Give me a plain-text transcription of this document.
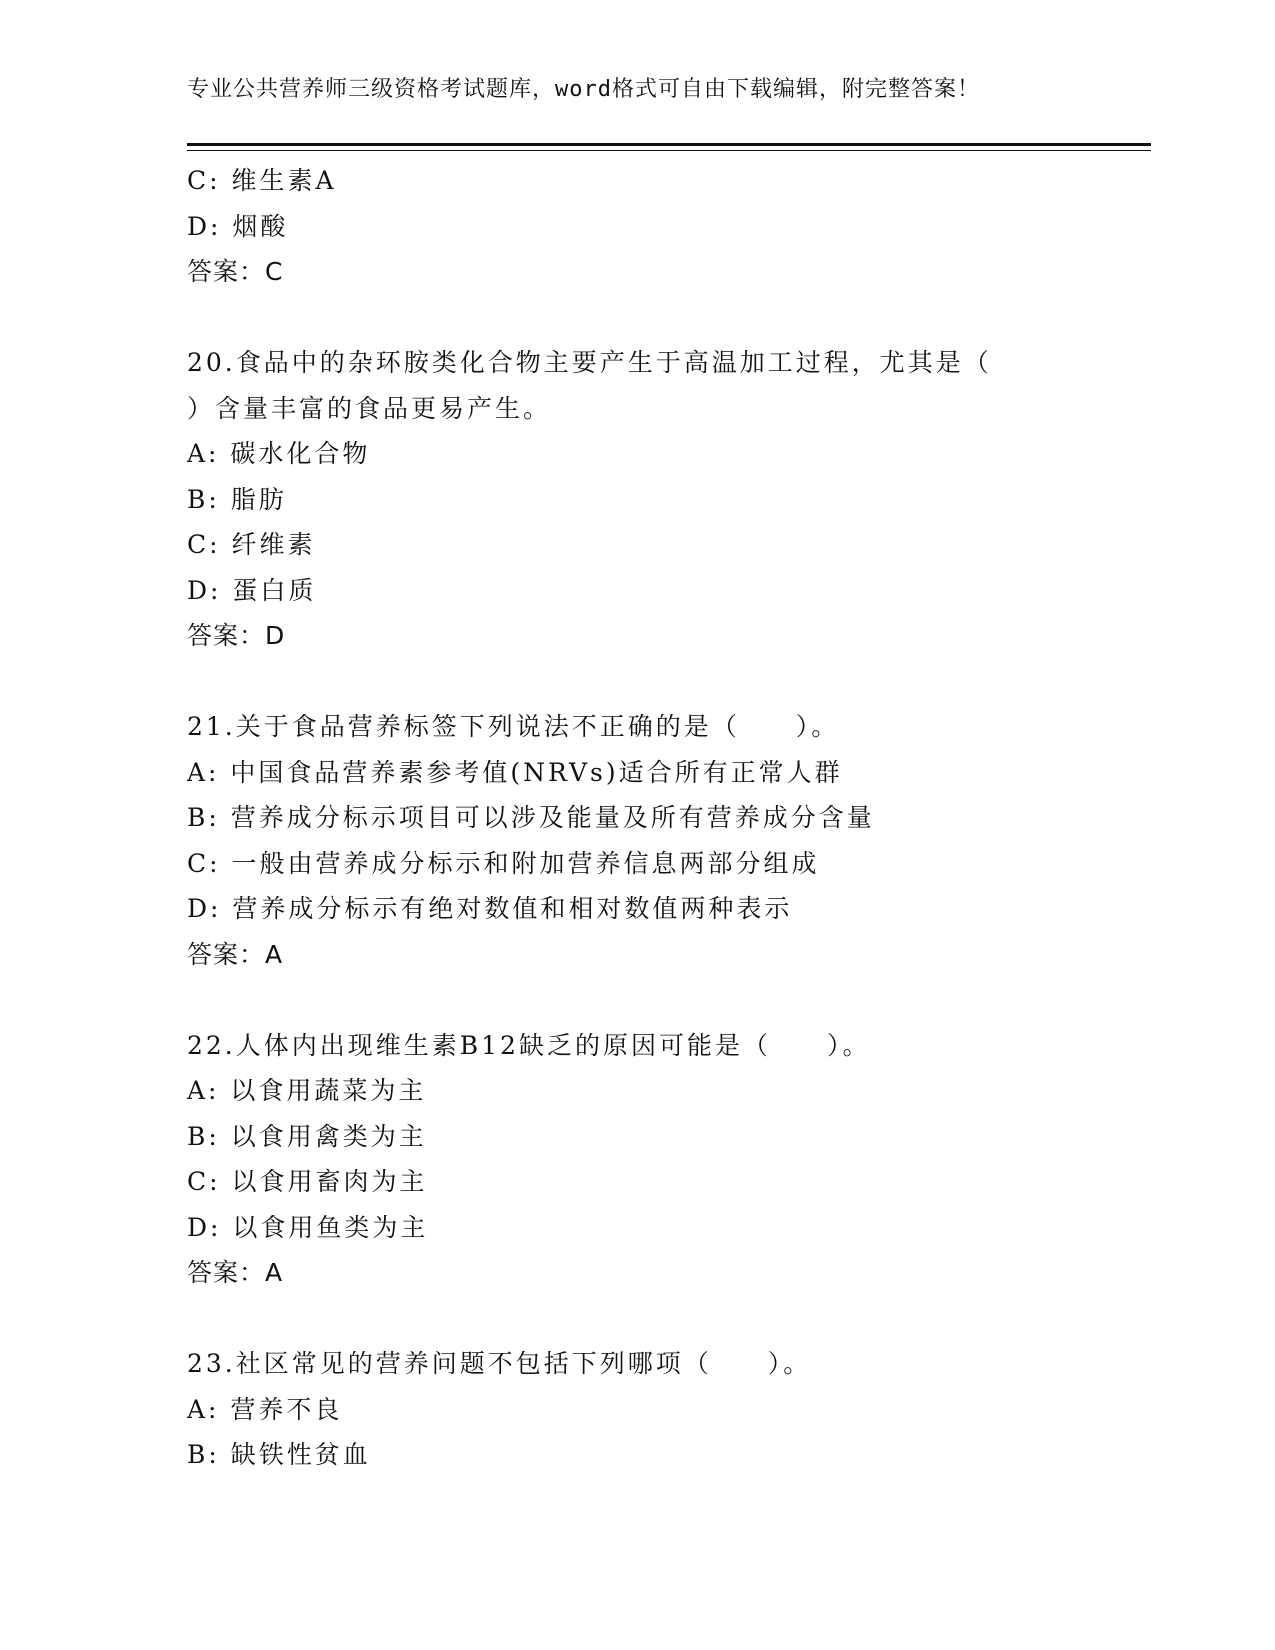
专业公共营养师三级资格考试题库，word格式可自由下载编辑，附完整答案！
C: 维生素A
D: 烟酸
答案：C
20.食品中的杂环胺类化合物主要产生于高温加工过程，尤其是（
）含量丰富的食品更易产生。
A: 碳水化合物
B: 脂肪
C: 纤维素
D: 蛋白质
答案：D
21.关于食品营养标签下列说法不正确的是（　　）。
A: 中国食品营养素参考值(NRVs)适合所有正常人群
B: 营养成分标示项目可以涉及能量及所有营养成分含量
C: 一般由营养成分标示和附加营养信息两部分组成
D: 营养成分标示有绝对数值和相对数值两种表示
答案：A
22.人体内出现维生素B12缺乏的原因可能是（　　）。
A: 以食用蔬菜为主
B: 以食用禽类为主
C: 以食用畜肉为主
D: 以食用鱼类为主
答案：A
23.社区常见的营养问题不包括下列哪项（　　）。
A: 营养不良
B: 缺铁性贫血
